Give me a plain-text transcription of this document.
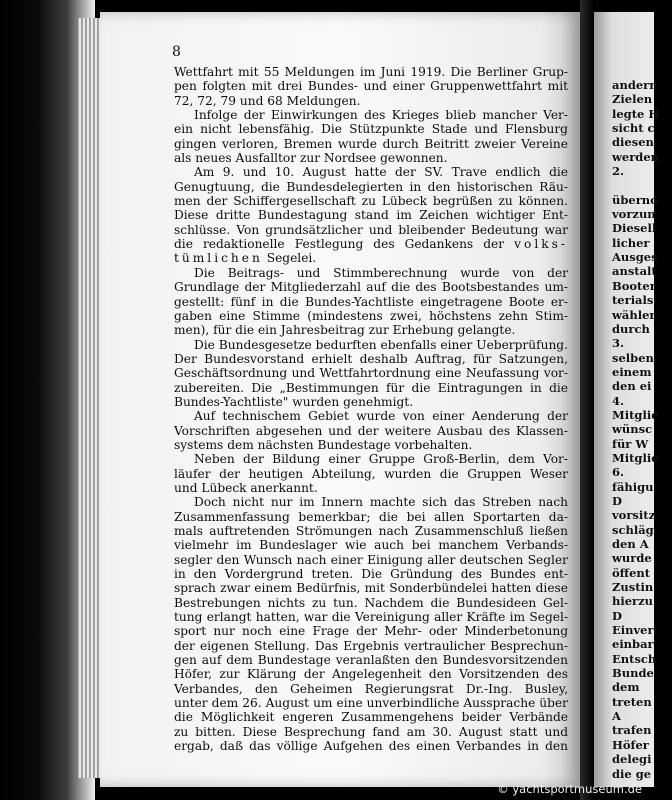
8
Wettfahrt mit 55 Meldungen im Juni 1919. Die Berliner Grup-
pen folgten mit drei Bundes- und einer Gruppenwettfahrt mit
72, 72, 79 und 68 Meldungen.
Infolge der Einwirkungen des Krieges blieb mancher Ver-
ein nicht lebensfähig. Die Stützpunkte Stade und Flensburg
gingen verloren, Bremen wurde durch Beitritt zweier Vereine
als neues Ausfalltor zur Nordsee gewonnen.
Am 9. und 10. August hatte der SV. Trave endlich die
Genugtuung, die Bundesdelegierten in den historischen Räu-
men der Schiffergesellschaft zu Lübeck begrüßen zu können.
Diese dritte Bundestagung stand im Zeichen wichtiger Ent-
schlüsse. Von grundsätzlicher und bleibender Bedeutung war
die redaktionelle Festlegung des Gedankens der volks-
tümlichen Segelei.
Die Beitrags- und Stimmberechnung wurde von der
Grundlage der Mitgliederzahl auf die des Bootsbestandes um-
gestellt: fünf in die Bundes-Yachtliste eingetragene Boote er-
gaben eine Stimme (mindestens zwei, höchstens zehn Stim-
men), für die ein Jahresbeitrag zur Erhebung gelangte.
Die Bundesgesetze bedurften ebenfalls einer Ueberprüfung.
Der Bundesvorstand erhielt deshalb Auftrag, für Satzungen,
Geschäftsordnung und Wettfahrtordnung eine Neufassung vor-
zubereiten. Die „Bestimmungen für die Eintragungen in die
Bundes-Yachtliste" wurden genehmigt.
Auf technischem Gebiet wurde von einer Aenderung der
Vorschriften abgesehen und der weitere Ausbau des Klassen-
systems dem nächsten Bundestage vorbehalten.
Neben der Bildung einer Gruppe Groß-Berlin, dem Vor-
läufer der heutigen Abteilung, wurden die Gruppen Weser
und Lübeck anerkannt.
Doch nicht nur im Innern machte sich das Streben nach
Zusammenfassung bemerkbar; die bei allen Sportarten da-
mals auftretenden Strömungen nach Zusammenschluß ließen
vielmehr im Bundeslager wie auch bei manchem Verbands-
segler den Wunsch nach einer Einigung aller deutschen Segler
in den Vordergrund treten. Die Gründung des Bundes ent-
sprach zwar einem Bedürfnis, mit Sonderbündelei hatten diese
Bestrebungen nichts zu tun. Nachdem die Bundesideen Gel-
tung erlangt hatten, war die Vereinigung aller Kräfte im Segel-
sport nur noch eine Frage der Mehr- oder Minderbetonung
der eigenen Stellung. Das Ergebnis vertraulicher Besprechun-
gen auf dem Bundestage veranlaßten den Bundesvorsitzenden
Höfer, zur Klärung der Angelegenheit den Vorsitzenden des
Verbandes, den Geheimen Regierungsrat Dr.-Ing. Busley,
unter dem 26. August um eine unverbindliche Aussprache über
die Möglichkeit engeren Zusammengehens beider Verbände
zu bitten. Diese Besprechung fand am 30. August statt und
ergab, daß das völlige Aufgehen des einen Verbandes in den
andern
Zielen
legte H
sicht c
diesen
werden
2.
überno
vorzun
Diesell
licher
Ausges
anstalt
Booter
terials
wähler
durch
3.
selben
einem
den ei
4.
Mitglie
wünsc
für W
Mitglie
6.
fähigu
D
vorsitz
schläg
den A
wurde
öffent
Zustin
hierzu
D
Einver
einbar
Entsch
Bunde
dem
treten
A
trafen
Höfer
delegi
die ge
© yachtsportmuseum.de
